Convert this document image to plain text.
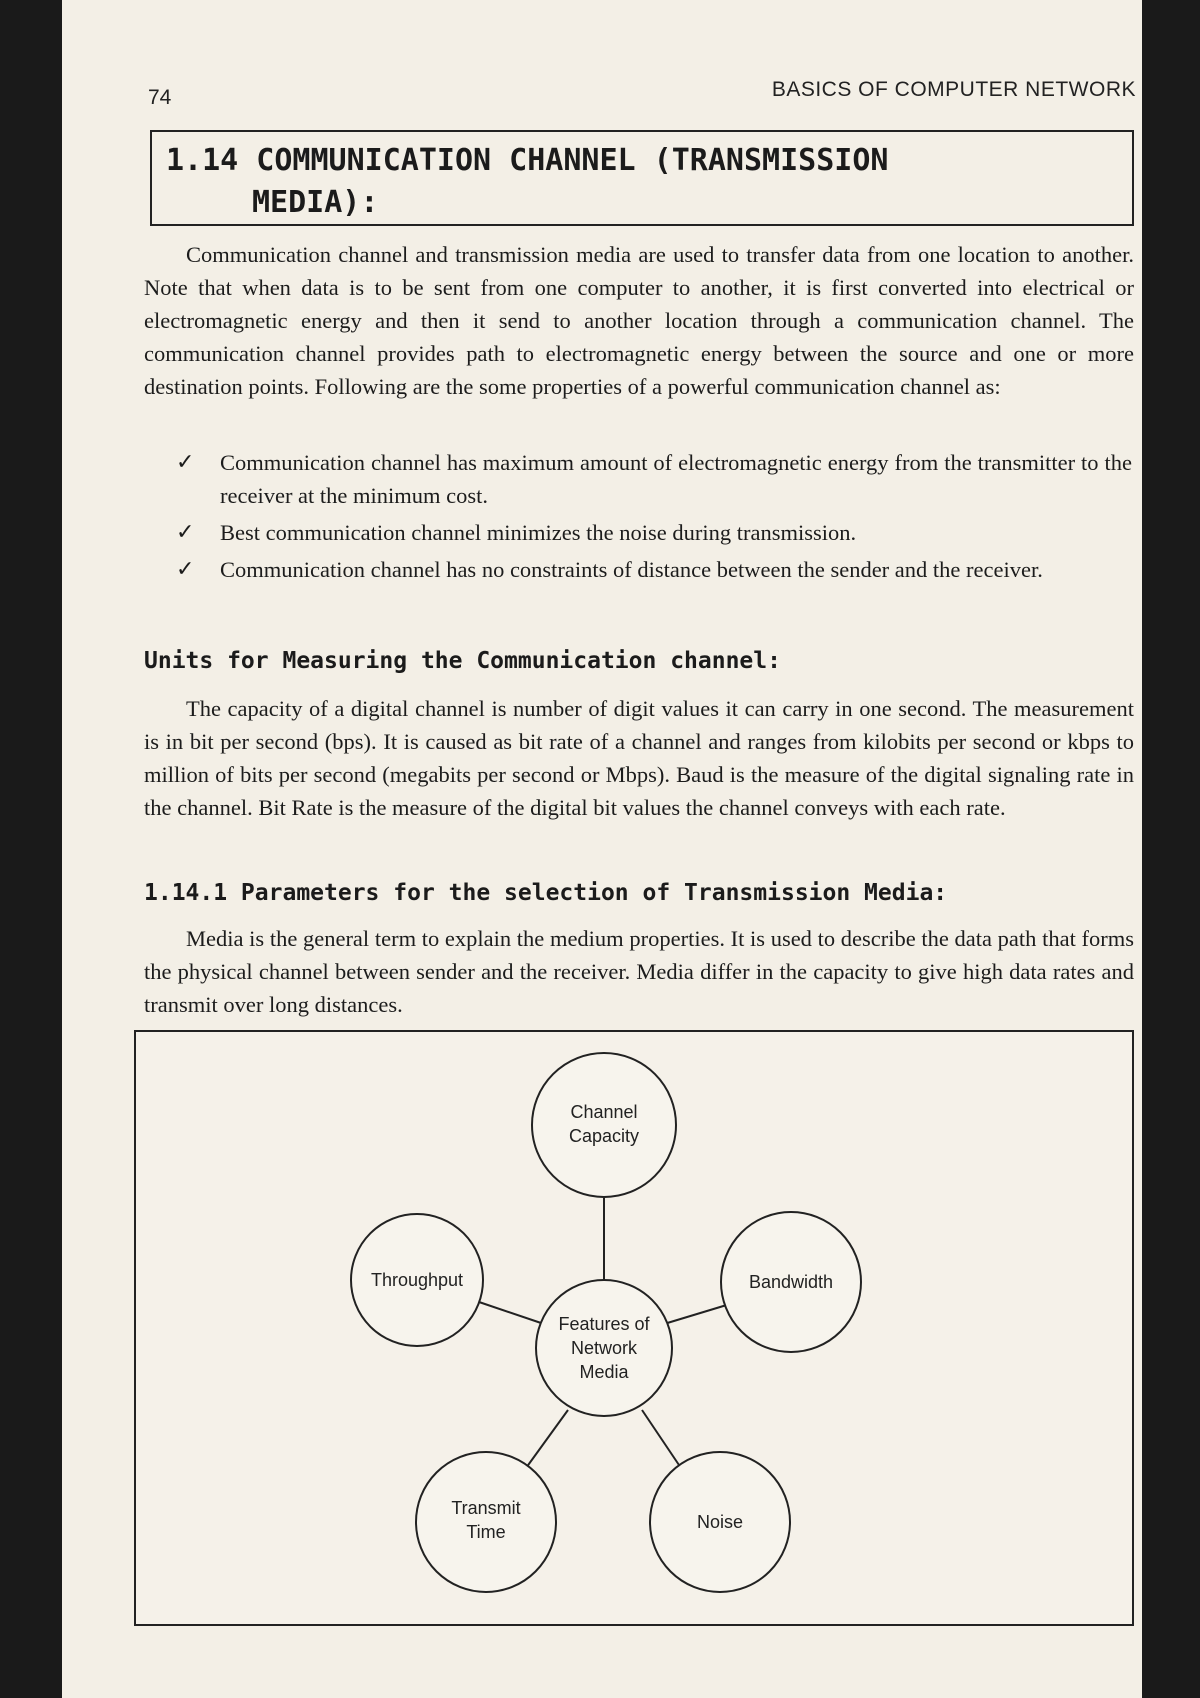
74	BASICS OF COMPUTER NETWORK
1.14 COMMUNICATION CHANNEL (TRANSMISSION
MEDIA):
Communication channel and transmission media are used to transfer data from one location to another. Note that when data is to be sent from one computer to another, it is first converted into electrical or electromagnetic energy and then it send to another location through a communication channel. The communication channel provides path to electromagnetic energy between the source and one or more destination points. Following are the some properties of a powerful communication channel as:
✓ Communication channel has maximum amount of electromagnetic energy from the transmitter to the receiver at the minimum cost.
✓ Best communication channel minimizes the noise during transmission.
✓ Communication channel has no constraints of distance between the sender and the receiver.
Units for Measuring the Communication channel:
The capacity of a digital channel is number of digit values it can carry in one second. The measurement is in bit per second (bps). It is caused as bit rate of a channel and ranges from kilobits per second or kbps to million of bits per second (megabits per second or Mbps). Baud is the measure of the digital signaling rate in the channel. Bit Rate is the measure of the digital bit values the channel conveys with each rate.
1.14.1 Parameters for the selection of Transmission Media:
Media is the general term to explain the medium properties. It is used to describe the data path that forms the physical channel between sender and the receiver. Media differ in the capacity to give high data rates and transmit over long distances.
Channel
Capacity
Throughput	Bandwidth
Features of
Network
Media
Transmit
Time	Noise
